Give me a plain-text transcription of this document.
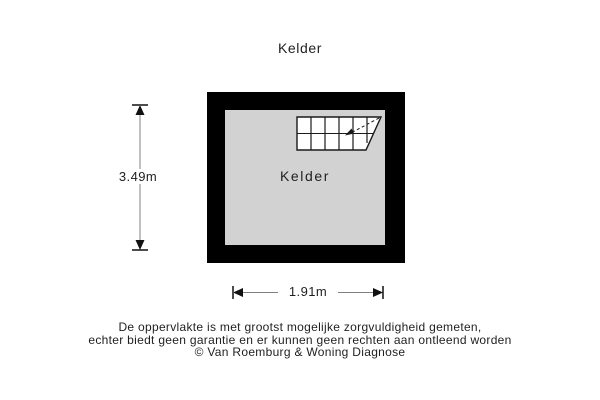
Kelder
Kelder
3.49m
1.91m
De oppervlakte is met grootst mogelijke zorgvuldigheid gemeten,
echter biedt geen garantie en er kunnen geen rechten aan ontleend worden
© Van Roemburg & Woning Diagnose
